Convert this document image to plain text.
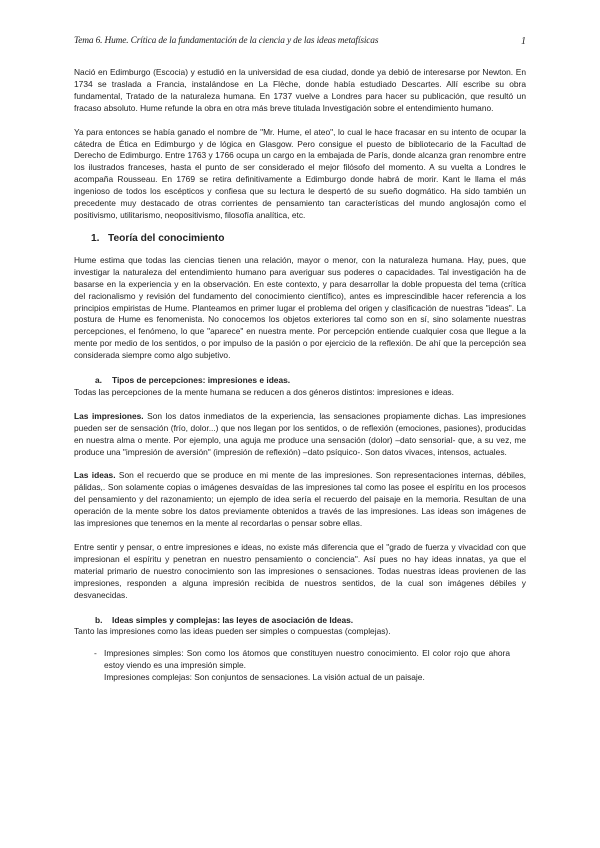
Tema 6. Hume. Crítica de la fundamentación de la ciencia y de las ideas metafísicas	1

Nació en Edimburgo (Escocia) y estudió en la universidad de esa ciudad, donde ya debió de interesarse por Newton. En 1734 se traslada a Francia, instalándose en La Flèche, donde había estudiado Descartes. Allí escribe su obra fundamental, Tratado de la naturaleza humana. En 1737 vuelve a Londres para hacer su publicación, que resultó un fracaso absoluto. Hume refunde la obra en otra más breve titulada Investigación sobre el entendimiento humano.

Ya para entonces se había ganado el nombre de "Mr. Hume, el ateo", lo cual le hace fracasar en su intento de ocupar la cátedra de Ética en Edimburgo y de lógica en Glasgow. Pero consigue el puesto de bibliotecario de la Facultad de Derecho de Edimburgo. Entre 1763 y 1766 ocupa un cargo en la embajada de París, donde alcanza gran renombre entre los ilustrados franceses, hasta el punto de ser considerado el mejor filósofo del momento. A su vuelta a Londres le acompaña Rousseau. En 1769 se retira definitivamente a Edimburgo donde habrá de morir. Kant le llama el más ingenioso de todos los escépticos y confiesa que su lectura le despertó de su sueño dogmático. Ha sido también un precedente muy destacado de otras corrientes de pensamiento tan características del mundo anglosajón como el positivismo, utilitarismo, neopositivismo, filosofía analítica, etc.

1. Teoría del conocimiento

Hume estima que todas las ciencias tienen una relación, mayor o menor, con la naturaleza humana. Hay, pues, que investigar la naturaleza del entendimiento humano para averiguar sus poderes o capacidades. Tal investigación ha de basarse en la experiencia y en la observación. En este contexto, y para desarrollar la doble propuesta del tema (crítica del racionalismo y revisión del fundamento del conocimiento científico), antes es imprescindible hacer referencia a los principios empiristas de Hume. Planteamos en primer lugar el problema del origen y clasificación de nuestras "ideas". La postura de Hume es fenomenista. No conocemos los objetos exteriores tal como son en sí, sino solamente nuestras percepciones, el fenómeno, lo que "aparece" en nuestra mente. Por percepción entiende cualquier cosa que llegue a la mente por medio de los sentidos, o por impulso de la pasión o por ejercicio de la reflexión. De ahí que la percepción sea considerada siempre como algo subjetivo.

a.	Tipos de percepciones: impresiones e ideas.

Todas las percepciones de la mente humana se reducen a dos géneros distintos: impresiones e ideas.

Las impresiones. Son los datos inmediatos de la experiencia, las sensaciones propiamente dichas. Las impresiones pueden ser de sensación (frío, dolor...) que nos llegan por los sentidos, o de reflexión (emociones, pasiones), producidas en nuestra alma o mente. Por ejemplo, una aguja me produce una sensación (dolor) –dato sensorial- que, a su vez, me produce una "impresión de aversión" (impresión de reflexión) –dato psíquico-. Son datos vivaces, intensos, actuales.

Las ideas. Son el recuerdo que se produce en mi mente de las impresiones. Son representaciones internas, débiles, pálidas,. Son solamente copias o imágenes desvaídas de las impresiones tal como las posee el espíritu en los procesos del pensamiento y del razonamiento; un ejemplo de idea sería el recuerdo del paisaje en la memoria. Resultan de una operación de la mente sobre los datos previamente obtenidos a través de las impresiones. Las ideas son imágenes de las impresiones que tenemos en la mente al recordarlas o pensar sobre ellas.

Entre sentir y pensar, o entre impresiones e ideas, no existe más diferencia que el "grado de fuerza y vivacidad con que impresionan el espíritu y penetran en nuestro pensamiento o conciencia". Así pues no hay ideas innatas, ya que el material primario de nuestro conocimiento son las impresiones o sensaciones. Todas nuestras ideas provienen de las impresiones, responden a alguna impresión recibida de nuestros sentidos, de la cual son imágenes débiles y desvanecidas.

b.	Ideas simples y complejas: las leyes de asociación de Ideas.

Tanto las impresiones como las ideas pueden ser simples o compuestas (complejas).

- Impresiones simples: Son como los átomos que constituyen nuestro conocimiento. El color rojo que ahora estoy viendo es una impresión simple.

Impresiones complejas: Son conjuntos de sensaciones. La visión actual de un paisaje.
